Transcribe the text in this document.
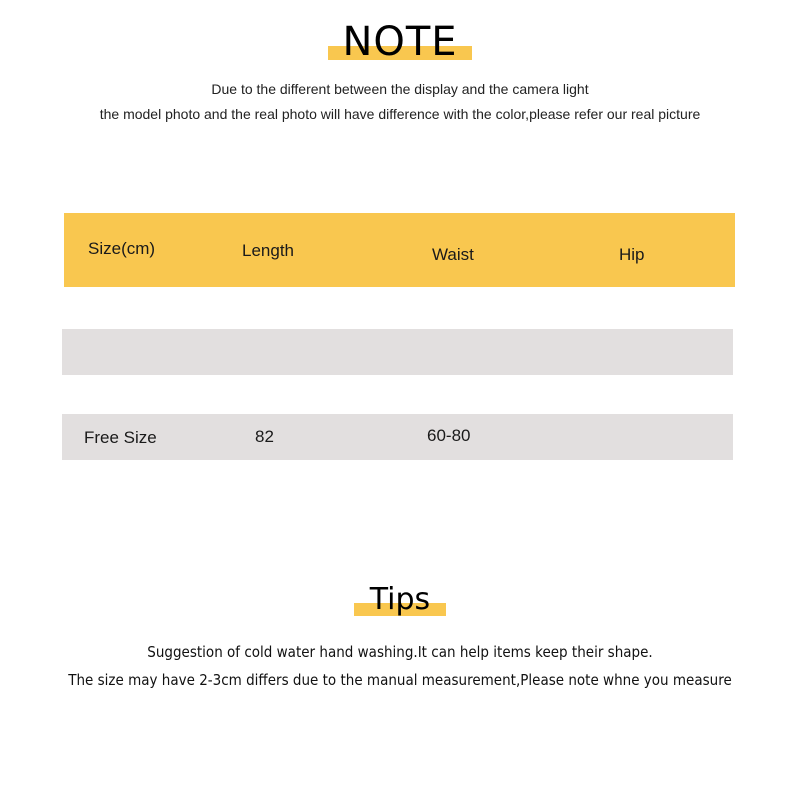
NOTE
Due to the different between the display and the camera light
the model photo and the real photo will have difference with the color,please refer our real picture
Size(cm)	Length	Waist	Hip
Free Size	82	60-80
Tips
Suggestion of cold water hand washing.It can help items keep their shape.
The size may have 2-3cm differs due to the manual measurement,Please note whne you measure
